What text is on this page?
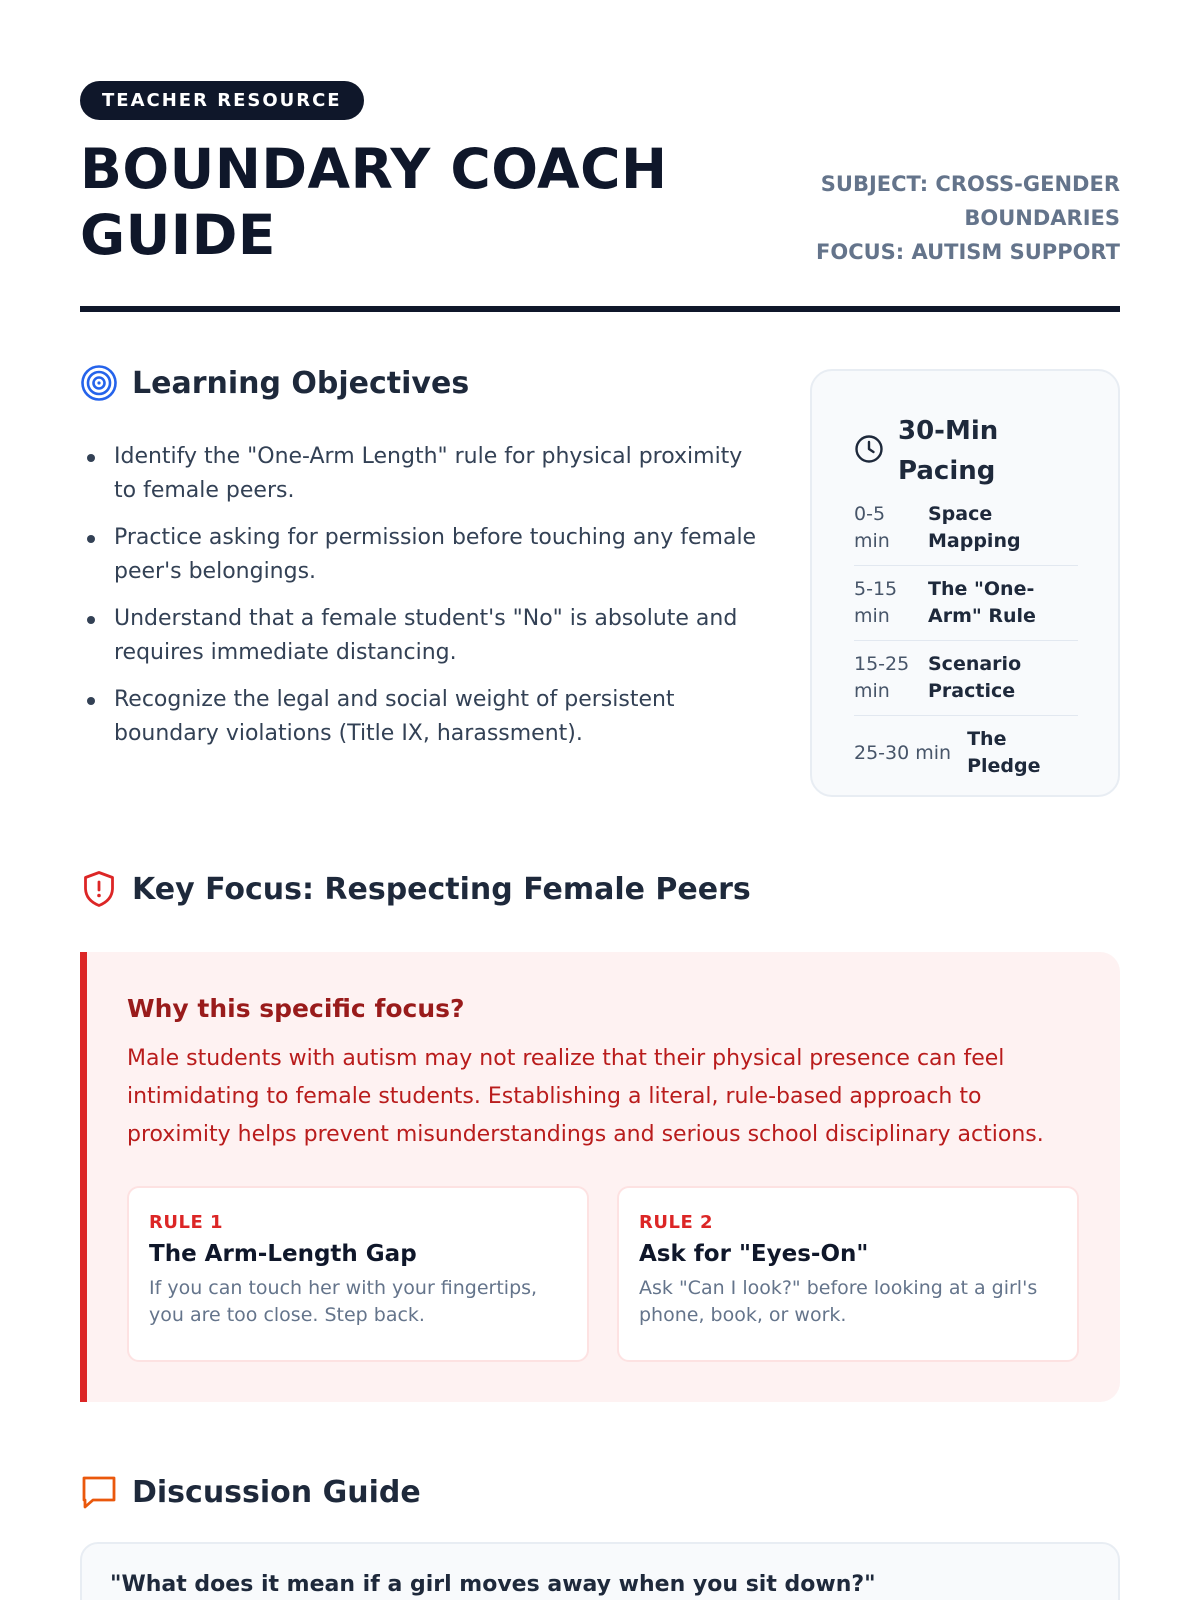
TEACHER RESOURCE
BOUNDARY COACH GUIDE
SUBJECT: CROSS-GENDER BOUNDARIES
FOCUS: AUTISM SUPPORT
Learning Objectives
Identify the "One-Arm Length" rule for physical proximity to female peers.
Practice asking for permission before touching any female peer's belongings.
Understand that a female student's "No" is absolute and requires immediate distancing.
Recognize the legal and social weight of persistent boundary violations (Title IX, harassment).
30-Min Pacing
0-5 min
Space Mapping
5-15 min
The "One-Arm" Rule
15-25 min
Scenario Practice
25-30 min
The Pledge
Key Focus: Respecting Female Peers
Why this specific focus?

Male students with autism may not realize that their physical presence can feel intimidating to female students. Establishing a literal, rule-based approach to proximity helps prevent misunderstandings and serious school disciplinary actions.

RULE 1
The Arm-Length Gap
If you can touch her with your fingertips, you are too close. Step back.
RULE 2
Ask for "Eyes-On"
Ask "Can I look?" before looking at a girl's phone, book, or work.
Discussion Guide
"What does it mean if a girl moves away when you sit down?"
